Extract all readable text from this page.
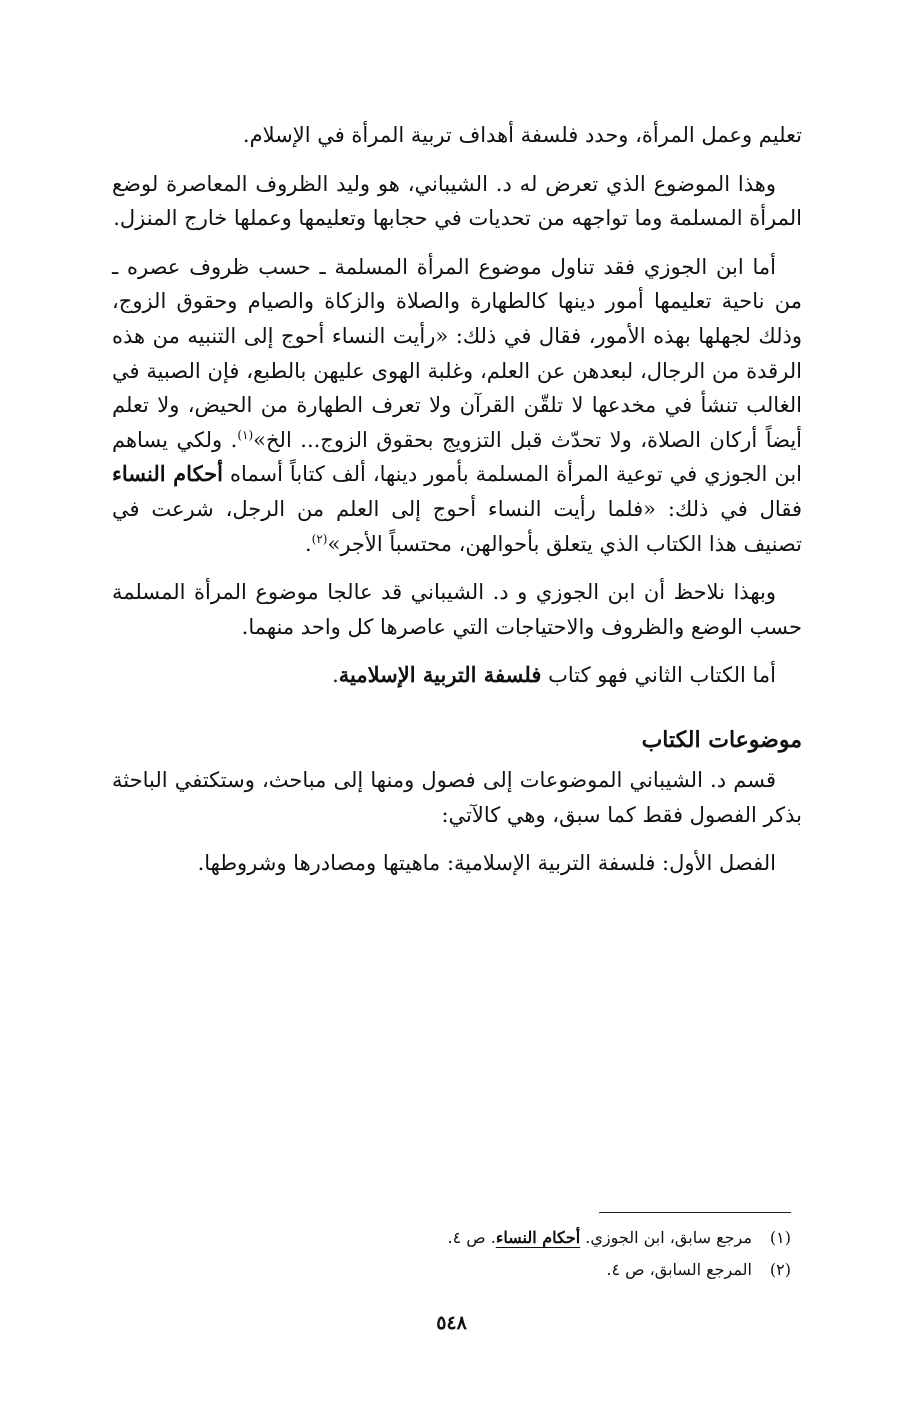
تعليم وعمل المرأة، وحدد فلسفة أهداف تربية المرأة في الإسلام.

وهذا الموضوع الذي تعرض له د. الشيباني، هو وليد الظروف المعاصرة لوضع المرأة المسلمة وما تواجهه من تحديات في حجابها وتعليمها وعملها خارج المنزل.

أما ابن الجوزي فقد تناول موضوع المرأة المسلمة ـ حسب ظروف عصره ـ من ناحية تعليمها أمور دينها كالطهارة والصلاة والزكاة والصيام وحقوق الزوج، وذلك لجهلها بهذه الأمور، فقال في ذلك: «رأيت النساء أحوج إلى التنبيه من هذه الرقدة من الرجال، لبعدهن عن العلم، وغلبة الهوى عليهن بالطبع، فإن الصبية في الغالب تنشأ في مخدعها لا تلقّن القرآن ولا تعرف الطهارة من الحيض، ولا تعلم أيضاً أركان الصلاة، ولا تحدّث قبل التزويج بحقوق الزوج... الخ»$^{(١)}$. ولكي يساهم ابن الجوزي في توعية المرأة المسلمة بأمور دينها، ألف كتاباً أسماه أحكام النساء فقال في ذلك: «فلما رأيت النساء أحوج إلى العلم من الرجل، شرعت في تصنيف هذا الكتاب الذي يتعلق بأحوالهن، محتسباً الأجر»$^{(٢)}$.

وبهذا نلاحظ أن ابن الجوزي و د. الشيباني قد عالجا موضوع المرأة المسلمة حسب الوضع والظروف والاحتياجات التي عاصرها كل واحد منهما.

أما الكتاب الثاني فهو كتاب فلسفة التربية الإسلامية.

موضوعات الكتاب

قسم د. الشيباني الموضوعات إلى فصول ومنها إلى مباحث، وستكتفي الباحثة بذكر الفصول فقط كما سبق، وهي كالآتي:

الفصل الأول: فلسفة التربية الإسلامية: ماهيتها ومصادرها وشروطها.

(١) مرجع سابق، ابن الجوزي. أحكام النساء. ص ٤.

(٢) المرجع السابق، ص ٤.

٥٤٨
